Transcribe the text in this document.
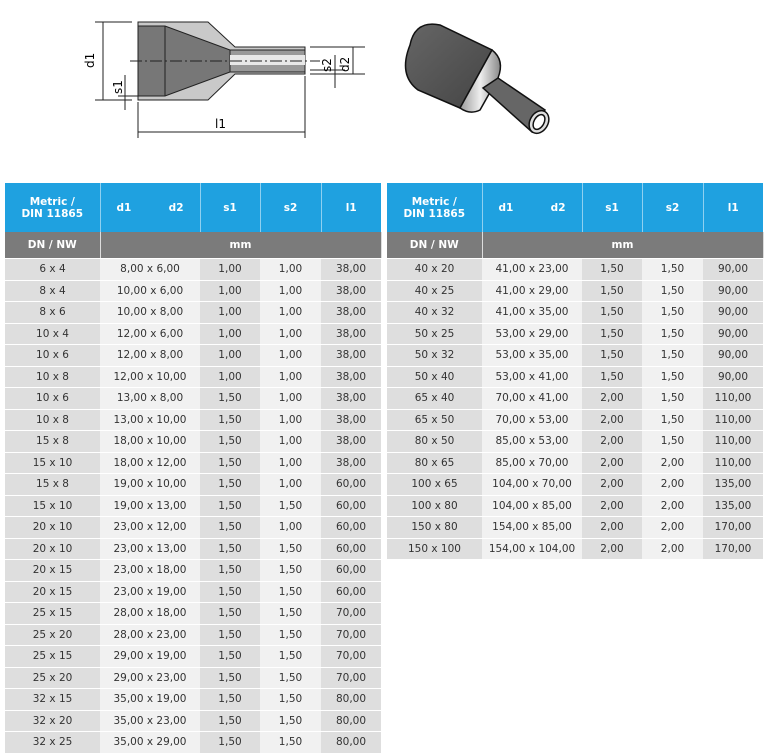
d1
s1
l1
s2 d2
Metric /
DIN 11865	d1 d2	s1	s2	l1
DN / NW	mm			
6 x 4	8,00 x 6,00	1,00	1,00	38,00
8 x 4	10,00 x 6,00	1,00	1,00	38,00
8 x 6	10,00 x 8,00	1,00	1,00	38,00
10 x 4	12,00 x 6,00	1,00	1,00	38,00
10 x 6	12,00 x 8,00	1,00	1,00	38,00
10 x 8	12,00 x 10,00	1,00	1,00	38,00
10 x 6	13,00 x 8,00	1,50	1,00	38,00
10 x 8	13,00 x 10,00	1,50	1,00	38,00
15 x 8	18,00 x 10,00	1,50	1,00	38,00
15 x 10	18,00 x 12,00	1,50	1,00	38,00
15 x 8	19,00 x 10,00	1,50	1,00	60,00
15 x 10	19,00 x 13,00	1,50	1,50	60,00
20 x 10	23,00 x 12,00	1,50	1,00	60,00
20 x 10	23,00 x 13,00	1,50	1,50	60,00
20 x 15	23,00 x 18,00	1,50	1,50	60,00
20 x 15	23,00 x 19,00	1,50	1,50	60,00
25 x 15	28,00 x 18,00	1,50	1,50	70,00
25 x 20	28,00 x 23,00	1,50	1,50	70,00
25 x 15	29,00 x 19,00	1,50	1,50	70,00
25 x 20	29,00 x 23,00	1,50	1,50	70,00
32 x 15	35,00 x 19,00	1,50	1,50	80,00
32 x 20	35,00 x 23,00	1,50	1,50	80,00
32 x 25	35,00 x 29,00	1,50	1,50	80,00
Metric /
DIN 11865	d1 d2	s1	s2	l1
DN / NW	mm			
40 x 20	41,00 x 23,00	1,50	1,50	90,00
40 x 25	41,00 x 29,00	1,50	1,50	90,00
40 x 32	41,00 x 35,00	1,50	1,50	90,00
50 x 25	53,00 x 29,00	1,50	1,50	90,00
50 x 32	53,00 x 35,00	1,50	1,50	90,00
50 x 40	53,00 x 41,00	1,50	1,50	90,00
65 x 40	70,00 x 41,00	2,00	1,50	110,00
65 x 50	70,00 x 53,00	2,00	1,50	110,00
80 x 50	85,00 x 53,00	2,00	1,50	110,00
80 x 65	85,00 x 70,00	2,00	2,00	110,00
100 x 65	104,00 x 70,00	2,00	2,00	135,00
100 x 80	104,00 x 85,00	2,00	2,00	135,00
150 x 80	154,00 x 85,00	2,00	2,00	170,00
150 x 100	154,00 x 104,00	2,00	2,00	170,00
